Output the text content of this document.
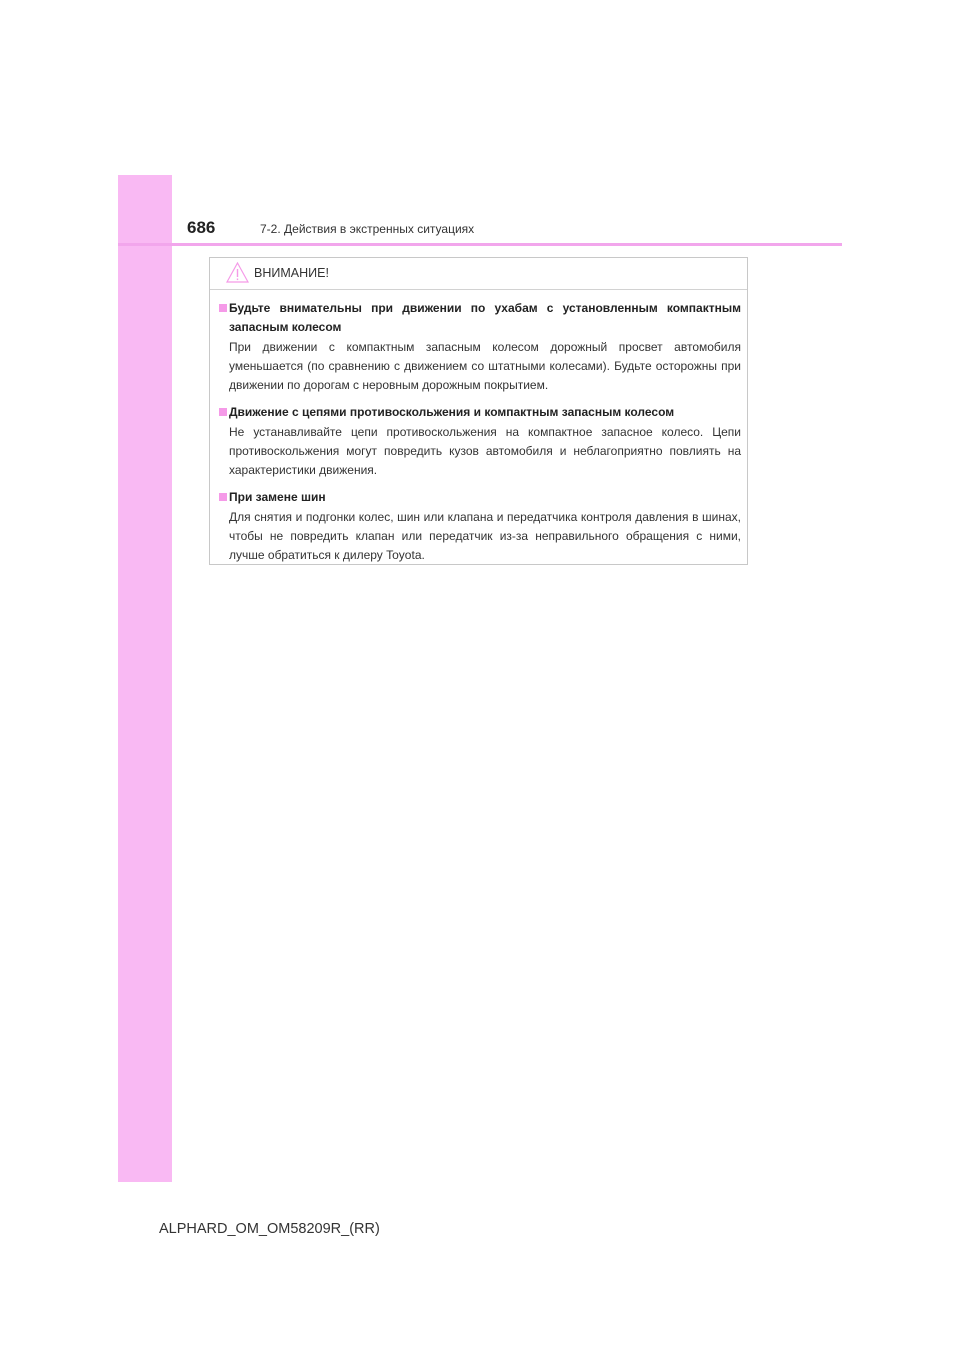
686	7-2. Действия в экстренных ситуациях
ВНИМАНИЕ!
Будьте внимательны при движении по ухабам с установленным компактным запасным колесом
При движении с компактным запасным колесом дорожный просвет автомобиля уменьшается (по сравнению с движением со штатными колесами). Будьте осторожны при движении по дорогам с неровным дорожным покрытием.
Движение с цепями противоскольжения и компактным запасным колесом
Не устанавливайте цепи противоскольжения на компактное запасное колесо. Цепи противоскольжения могут повредить кузов автомобиля и неблагоприятно повлиять на характеристики движения.
При замене шин
Для снятия и подгонки колес, шин или клапана и передатчика контроля давления в шинах, чтобы не повредить клапан или передатчик из-за неправильного обращения с ними, лучше обратиться к дилеру Toyota.
ALPHARD_OM_OM58209R_(RR)
